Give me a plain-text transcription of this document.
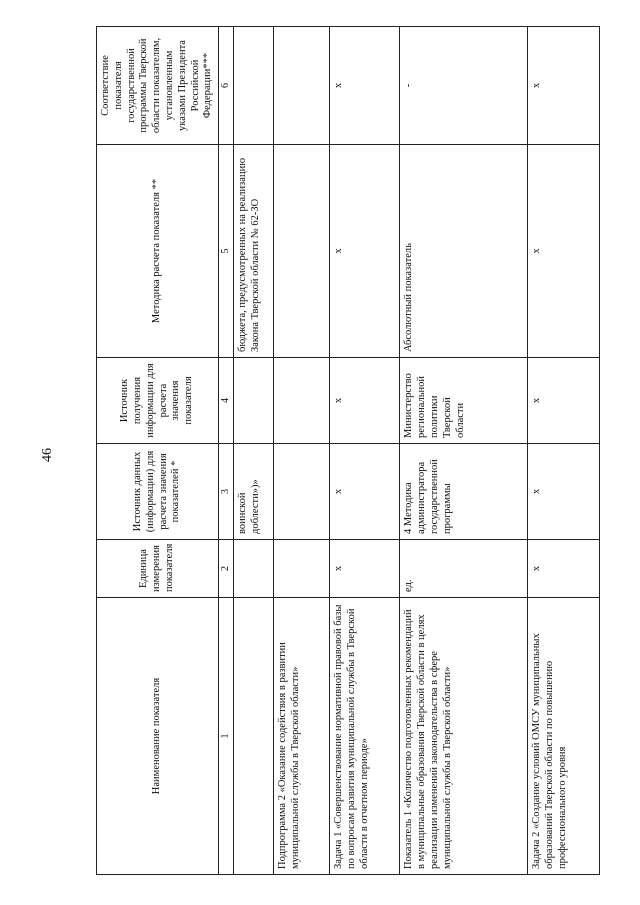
46
Наименование показателя	Единица измерения показателя	Источник данных (информации) для расчета значения показателей *	Источник получения информации для расчета значения показателя	Методика расчета показателя **	Соответствие показателя государственной программы Тверской области показателям, установленным указами Президента Российской Федерации***
1	2	3	4	5	6
		воинской доблести»)»		бюджета, предусмотренных на реализацию Закона Тверской области № 62-ЗО	
Подпрограмма 2 «Оказание содействия в развитии муниципальной службы в Тверской области»					
Задача 1 «Совершенствование нормативной правовой базы по вопросам развития муниципальной службы в Тверской области в отчетном периоде»	x	x	x	x	x
Показатель 1 «Количество подготовленных рекомендаций в муниципальные образования Тверской области в целях реализации изменений законодательства в сфере муниципальной службы в Тверской области»	ед.	4 Методика администратора государственной программы	Министерство региональной политики Тверской области	Абсолютный показатель	-
Задача 2 «Создание условий ОМСУ муниципальных образований Тверской области по повышению профессионального уровня	x	x	x	x	x
